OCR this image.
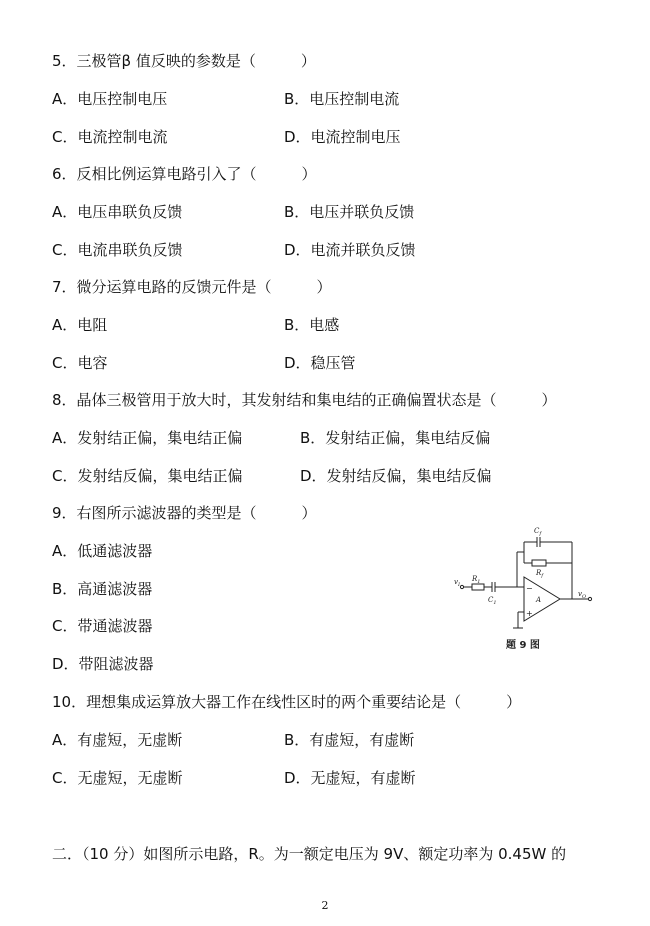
5．三极管β 值反映的参数是（　　　）
A．电压控制电压	B．电压控制电流
C．电流控制电流	D．电流控制电压
6．反相比例运算电路引入了（　　　）
A．电压串联负反馈	B．电压并联负反馈
C．电流串联负反馈	D．电流并联负反馈
7．微分运算电路的反馈元件是（　　　）
A．电阻	B．电感
C．电容	D．稳压管
8．晶体三极管用于放大时，其发射结和集电结的正确偏置状态是（　　　）
A．发射结正偏，集电结正偏	B．发射结正偏，集电结反偏
C．发射结反偏，集电结正偏	D．发射结反偏，集电结反偏
9．右图所示滤波器的类型是（　　　）
A．低通滤波器
B．高通滤波器
C．带通滤波器
D．带阻滤波器
$C_f$
$R_f$
$R_1$
$C_1$
$v_I$
$v_O$
A
−
+
题 9 图
10．理想集成运算放大器工作在线性区时的两个重要结论是（　　　）
A．有虚短，无虚断	B．有虚短，有虚断
C．无虚短，无虚断	D．无虚短，有虚断
二．（10 分）如图所示电路，R。为一额定电压为 9V、额定功率为 0.45W 的
2
